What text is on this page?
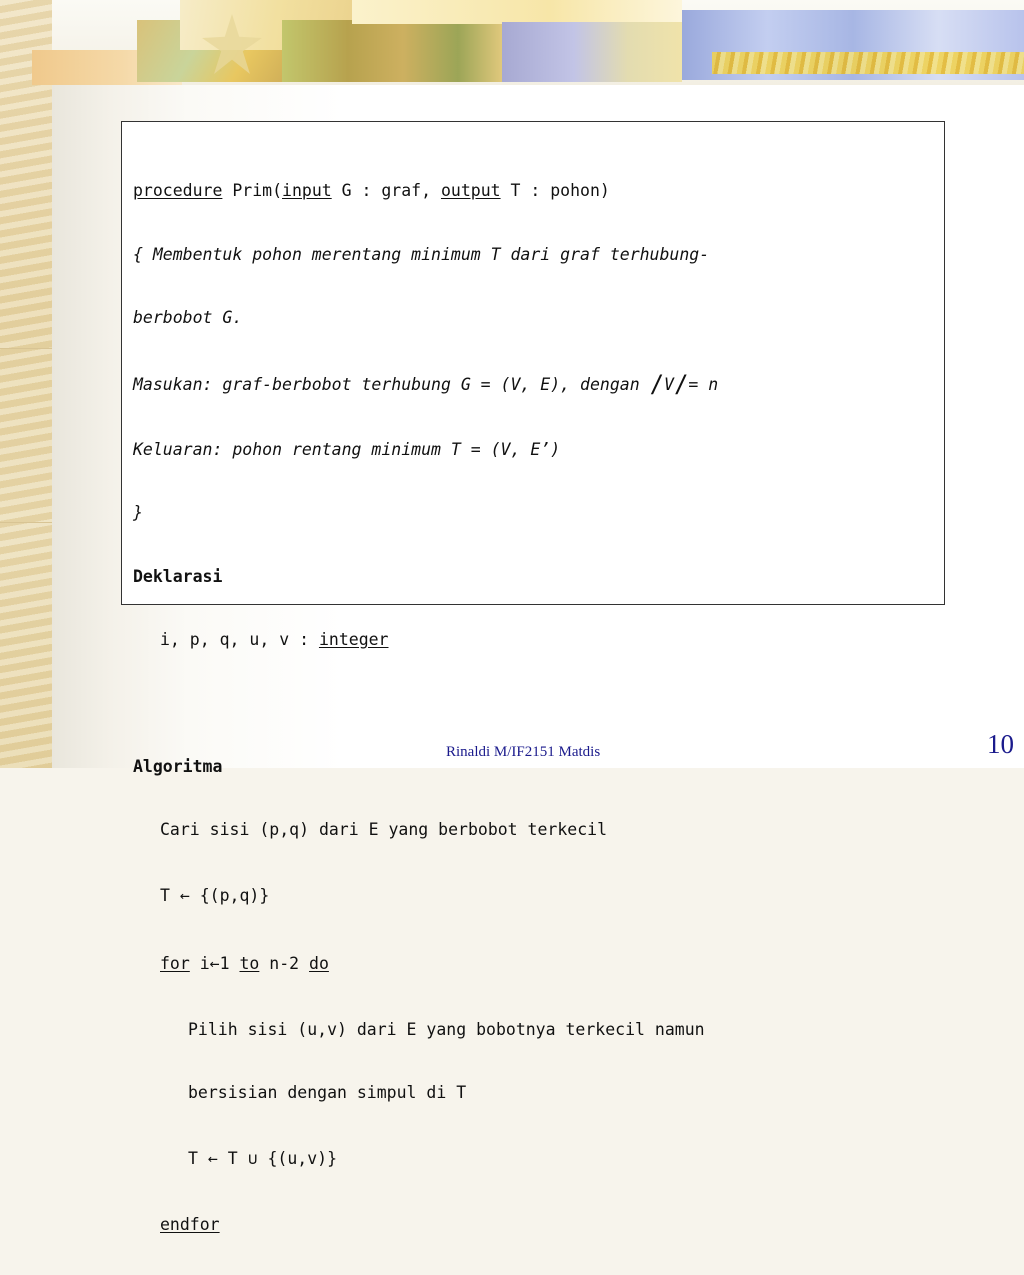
procedure Prim(input G : graf, output T : pohon)

{ Membentuk pohon merentang minimum T dari graf terhubung-

berbobot G.

Masukan: graf-berbobot terhubung G = (V, E), dengan /V/= n

Keluaran: pohon rentang minimum T = (V, E’)

}

Deklarasi

i, p, q, u, v : integer

Algoritma

Cari sisi (p,q) dari E yang berbobot terkecil

T ← {(p,q)}

for i←1 to n-2 do

Pilih sisi (u,v) dari E yang bobotnya terkecil namun

bersisian dengan simpul di T

T ← T ∪ {(u,v)}

endfor

Rinaldi M/IF2151 Matdis	10
